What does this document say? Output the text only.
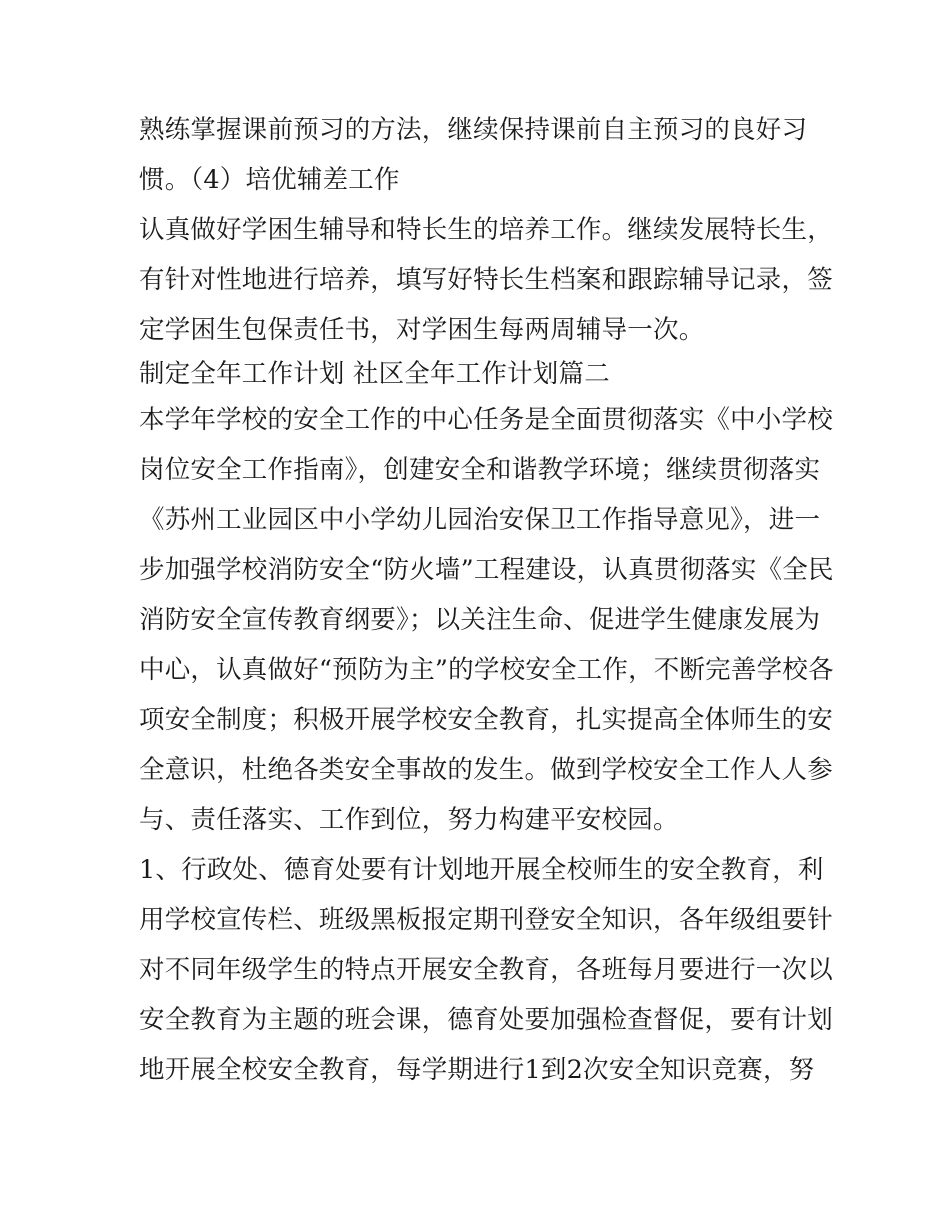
熟练掌握课前预习的方法，继续保持课前自主预习的良好习
惯。（4）培优辅差工作
认真做好学困生辅导和特长生的培养工作。继续发展特长生，
有针对性地进行培养，填写好特长生档案和跟踪辅导记录，签
定学困生包保责任书，对学困生每两周辅导一次。
制定全年工作计划 社区全年工作计划篇二
本学年学校的安全工作的中心任务是全面贯彻落实《中小学校
岗位安全工作指南》，创建安全和谐教学环境；继续贯彻落实
《苏州工业园区中小学幼儿园治安保卫工作指导意见》，进一
步加强学校消防安全“防火墙”工程建设，认真贯彻落实《全民
消防安全宣传教育纲要》；以关注生命、促进学生健康发展为
中心，认真做好“预防为主”的学校安全工作，不断完善学校各
项安全制度；积极开展学校安全教育，扎实提高全体师生的安
全意识，杜绝各类安全事故的发生。做到学校安全工作人人参
与、责任落实、工作到位，努力构建平安校园。
1、行政处、德育处要有计划地开展全校师生的安全教育，利
用学校宣传栏、班级黑板报定期刊登安全知识，各年级组要针
对不同年级学生的特点开展安全教育，各班每月要进行一次以
安全教育为主题的班会课，德育处要加强检查督促，要有计划
地开展全校安全教育，每学期进行1到2次安全知识竞赛，努
